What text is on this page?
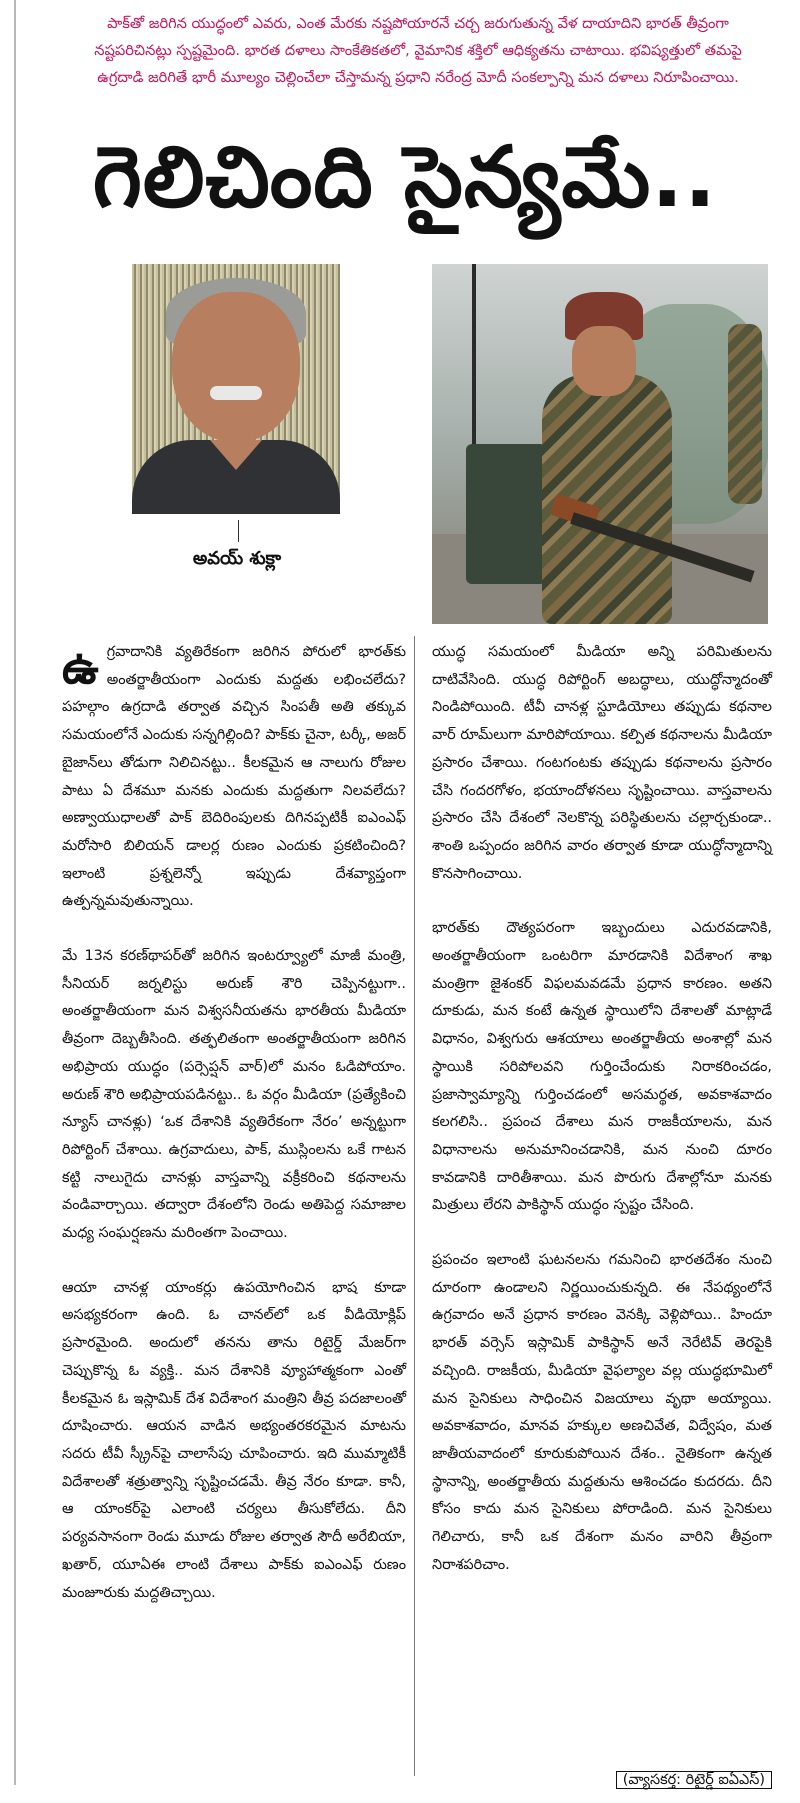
పాక్‌తో జరిగిన యుద్ధంలో ఎవరు, ఎంత మేరకు నష్టపోయారనే చర్చ జరుగుతున్న వేళ దాయాదిని భారత్ తీవ్రంగా నష్టపరిచినట్లు స్పష్టమైంది. భారత దళాలు సాంకేతికతలో, వైమానిక శక్తిలో ఆధిక్యతను చాటాయి. భవిష్యత్తులో తమపై ఉగ్రదాడి జరిగితే భారీ మూల్యం చెల్లించేలా చేస్తామన్న ప్రధాని నరేంద్ర మోదీ సంకల్పాన్ని మన దళాలు నిరూపించాయి.

గెలిచింది సైన్యమే..

అవయ్ శుక్లా

ఉగ్రవాదానికి వ్యతిరేకంగా జరిగిన పోరులో భారత్‌కు అంతర్జాతీయంగా ఎందుకు మద్దతు లభించలేదు? పహల్గాం ఉగ్రదాడి తర్వాత వచ్చిన సింపతీ అతి తక్కువ సమయంలోనే ఎందుకు సన్నగిల్లింది? పాక్‌కు చైనా, టర్కీ, అజర్ బైజాన్‌లు తోడుగా నిలిచినట్టు.. కీలకమైన ఆ నాలుగు రోజుల పాటు ఏ దేశమూ మనకు ఎందుకు మద్దతుగా నిలవలేదు? అణ్వాయుధాలతో పాక్ బెదిరింపులకు దిగినప్పటికీ ఐఎంఎఫ్ మరోసారి బిలియన్ డాలర్ల రుణం ఎందుకు ప్రకటించింది? ఇలాంటి ప్రశ్నలెన్నో ఇప్పుడు దేశవ్యాప్తంగా ఉత్పన్నమవుతున్నాయి.

మే 13న కరణ్‌థాపర్‌తో జరిగిన ఇంటర్వ్యూలో మాజీ మంత్రి, సీనియర్ జర్నలిస్టు అరుణ్ శౌరి చెప్పినట్టుగా.. అంతర్జాతీయంగా మన విశ్వసనీయతను భారతీయ మీడియా తీవ్రంగా దెబ్బతీసింది. తత్ఫలితంగా అంతర్జాతీయంగా జరిగిన అభిప్రాయ యుద్ధం (పర్సెప్షన్ వార్)లో మనం ఓడిపోయాం. అరుణ్ శౌరి అభిప్రాయపడినట్టు.. ఓ వర్గం మీడియా (ప్రత్యేకించి న్యూస్ చానళ్లు) ‘ఒక దేశానికి వ్యతిరేకంగా నేరం’ అన్నట్టుగా రిపోర్టింగ్ చేశాయి. ఉగ్రవాదులు, పాక్, ముస్లింలను ఒకే గాటన కట్టి నాలుగైదు చానళ్లు వాస్తవాన్ని వక్రీకరించి కథనాలను వండివార్చాయి. తద్వారా దేశంలోని రెండు అతిపెద్ద సమాజాల మధ్య సంఘర్షణను మరింతగా పెంచాయి.

ఆయా చానళ్ల యాంకర్లు ఉపయోగించిన భాష కూడా అసభ్యకరంగా ఉంది. ఓ చానల్‌లో ఒక వీడియోక్లిప్ ప్రసారమైంది. అందులో తనను తాను రిటైర్డ్ మేజర్‌గా చెప్పుకొన్న ఓ వ్యక్తి.. మన దేశానికి వ్యూహాత్మకంగా ఎంతో కీలకమైన ఓ ఇస్లామిక్ దేశ విదేశాంగ మంత్రిని తీవ్ర పదజాలంతో దూషించారు. ఆయన వాడిన అభ్యంతరకరమైన మాటను సదరు టీవీ స్క్రీన్‌పై చాలాసేపు చూపించారు. ఇది ముమ్మాటికీ విదేశాలతో శత్రుత్వాన్ని సృష్టించడమే. తీవ్ర నేరం కూడా. కానీ, ఆ యాంకర్‌పై ఎలాంటి చర్యలు తీసుకోలేదు. దీని పర్యవసానంగా రెండు మూడు రోజుల తర్వాత సౌదీ అరేబియా, ఖతార్, యూఏఈ లాంటి దేశాలు పాక్‌కు ఐఎంఎఫ్ రుణం మంజూరుకు మద్దతిచ్చాయి.

యుద్ధ సమయంలో మీడియా అన్ని పరిమితులను దాటివేసింది. యుద్ధ రిపోర్టింగ్ అబద్ధాలు, యుద్ధోన్మాదంతో నిండిపోయింది. టీవీ చానళ్ల స్టూడియోలు తప్పుడు కథనాల వార్ రూమ్‌లుగా మారిపోయాయి. కల్పిత కథనాలను మీడియా ప్రసారం చేశాయి. గంటగంటకు తప్పుడు కథనాలను ప్రసారం చేసి గందరగోళం, భయాందోళనలు సృష్టించాయి. వాస్తవాలను ప్రసారం చేసి దేశంలో నెలకొన్న పరిస్థితులను చల్లార్చకుండా.. శాంతి ఒప్పందం జరిగిన వారం తర్వాత కూడా యుద్ధోన్మాదాన్ని కొనసాగించాయి.

భారత్‌కు దౌత్యపరంగా ఇబ్బందులు ఎదురవడానికి, అంతర్జాతీయంగా ఒంటరిగా మారడానికి విదేశాంగ శాఖ మంత్రిగా జైశంకర్ విఫలమవడమే ప్రధాన కారణం. అతని దూకుడు, మన కంటే ఉన్నత స్థాయిలోని దేశాలతో మాట్లాడే విధానం, విశ్వగురు ఆశయాలు అంతర్జాతీయ అంశాల్లో మన స్థాయికి సరిపోలవని గుర్తించేందుకు నిరాకరించడం, ప్రజాస్వామ్యాన్ని గుర్తించడంలో అసమర్థత, అవకాశవాదం కలగలిసి.. ప్రపంచ దేశాలు మన రాజకీయాలను, మన విధానాలను అనుమానించడానికి, మన నుంచి దూరం కావడానికి దారితీశాయి. మన పొరుగు దేశాల్లోనూ మనకు మిత్రులు లేరని పాకిస్థాన్ యుద్ధం స్పష్టం చేసింది.

ప్రపంచం ఇలాంటి ఘటనలను గమనించి భారతదేశం నుంచి దూరంగా ఉండాలని నిర్ణయించుకున్నది. ఈ నేపథ్యంలోనే ఉగ్రవాదం అనే ప్రధాన కారణం వెనక్కి వెళ్లిపోయి.. హిందూ భారత్ వర్సెస్ ఇస్లామిక్ పాకిస్థాన్ అనే నెరేటివ్ తెరపైకి వచ్చింది. రాజకీయ, మీడియా వైఫల్యాల వల్ల యుద్ధభూమిలో మన సైనికులు సాధించిన విజయాలు వృథా అయ్యాయి. అవకాశవాదం, మానవ హక్కుల అణచివేత, విద్వేషం, మత జాతీయవాదంలో కూరుకుపోయిన దేశం.. నైతికంగా ఉన్నత స్థానాన్ని, అంతర్జాతీయ మద్దతును ఆశించడం కుదరదు. దీని కోసం కాదు మన సైనికులు పోరాడింది. మన సైనికులు గెలిచారు, కానీ ఒక దేశంగా మనం వారిని తీవ్రంగా నిరాశపరిచాం.

(వ్యాసకర్త: రిటైర్డ్ ఐఏఎస్)
